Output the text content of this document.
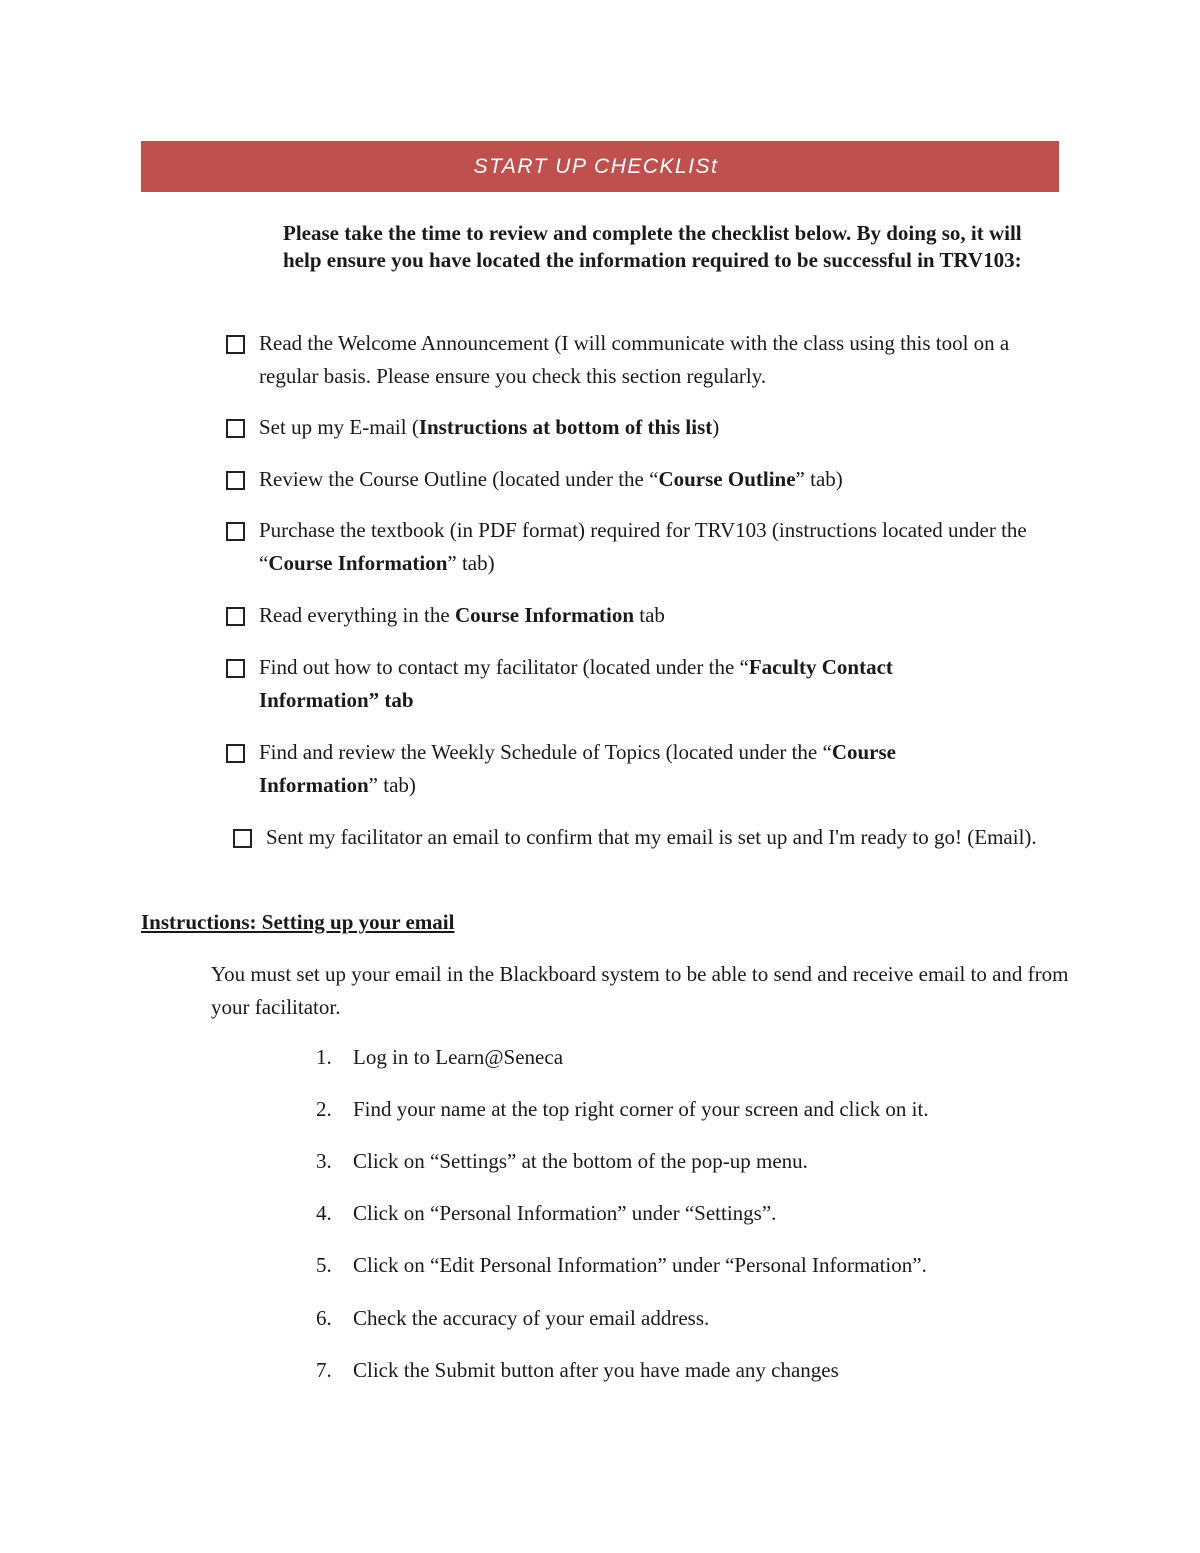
START UP CHECKLISt

Please take the time to review and complete the checklist below. By doing so, it will help ensure you have located the information required to be successful in TRV103:

Read the Welcome Announcement (I will communicate with the class using this tool on a regular basis. Please ensure you check this section regularly.
Set up my E-mail (Instructions at bottom of this list)
Review the Course Outline (located under the “Course Outline” tab)
Purchase the textbook (in PDF format) required for TRV103 (instructions located under the “Course Information” tab)
Read everything in the Course Information tab
Find out how to contact my facilitator (located under the “Faculty Contact Information” tab
Find and review the Weekly Schedule of Topics (located under the “Course Information” tab)
Sent my facilitator an email to confirm that my email is set up and I'm ready to go! (Email).
Instructions: Setting up your email

You must set up your email in the Blackboard system to be able to send and receive email to and from your facilitator.

1.	Log in to Learn@Seneca
2.	Find your name at the top right corner of your screen and click on it.
3.	Click on “Settings” at the bottom of the pop-up menu.
4.	Click on “Personal Information” under “Settings”.
5.	Click on “Edit Personal Information” under “Personal Information”.
6.	Check the accuracy of your email address.
7.	Click the Submit button after you have made any changes
